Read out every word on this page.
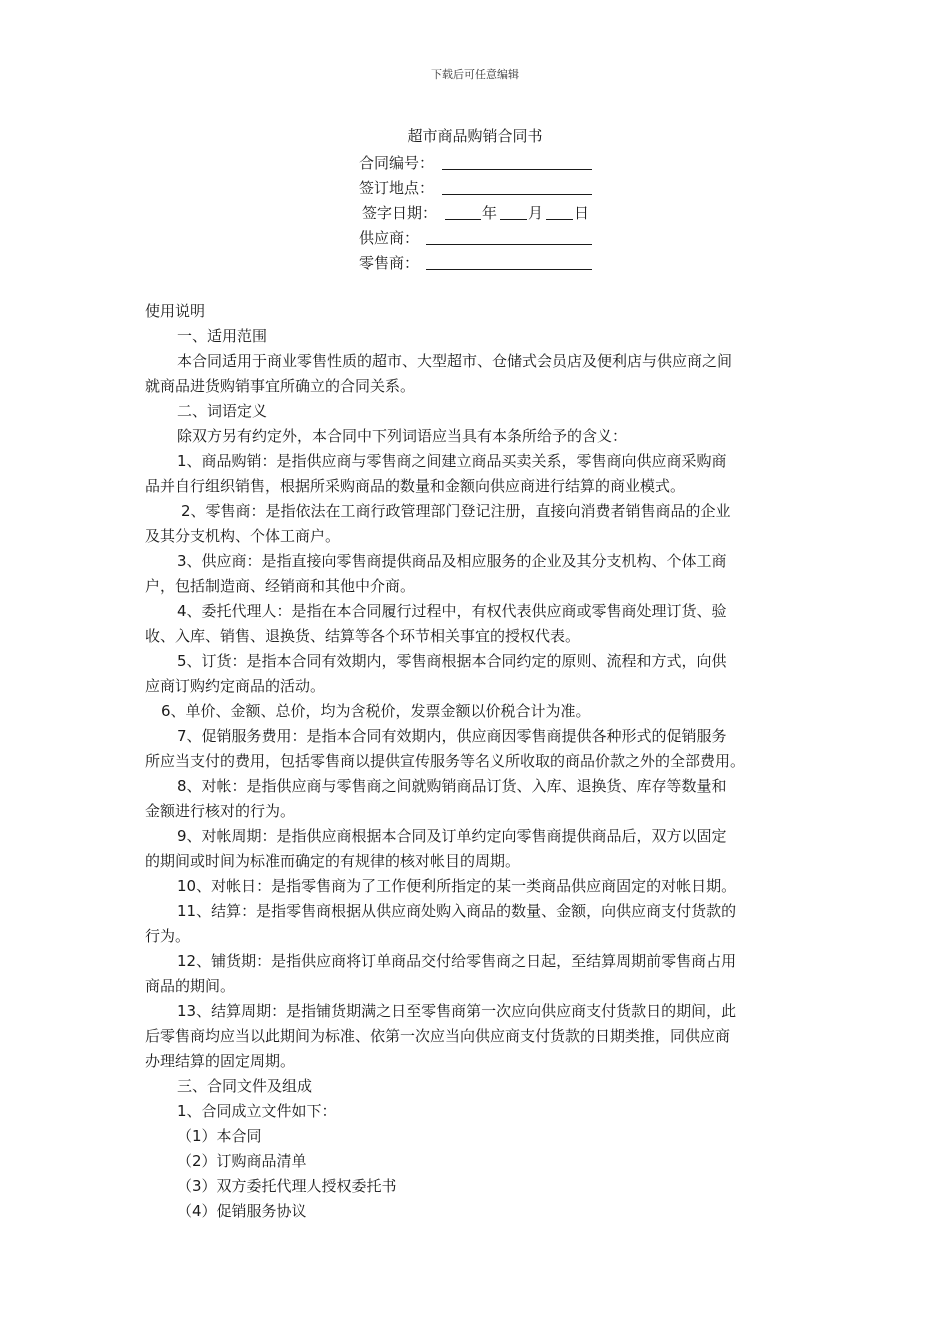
下载后可任意编辑
超市商品购销合同书
合同编号：
签订地点：
签字日期：	年 月 日
供应商：
零售商：
使用说明
一、适用范围
本合同适用于商业零售性质的超市、大型超市、仓储式会员店及便利店与供应商之间
就商品进货购销事宜所确立的合同关系。
二、词语定义
除双方另有约定外，本合同中下列词语应当具有本条所给予的含义：
1、商品购销：是指供应商与零售商之间建立商品买卖关系，零售商向供应商采购商
品并自行组织销售，根据所采购商品的数量和金额向供应商进行结算的商业模式。
2、零售商：是指依法在工商行政管理部门登记注册，直接向消费者销售商品的企业
及其分支机构、个体工商户。
3、供应商：是指直接向零售商提供商品及相应服务的企业及其分支机构、个体工商
户，包括制造商、经销商和其他中介商。
4、委托代理人：是指在本合同履行过程中，有权代表供应商或零售商处理订货、验
收、入库、销售、退换货、结算等各个环节相关事宜的授权代表。
5、订货：是指本合同有效期内，零售商根据本合同约定的原则、流程和方式，向供
应商订购约定商品的活动。
6、单价、金额、总价，均为含税价，发票金额以价税合计为准。
7、促销服务费用：是指本合同有效期内，供应商因零售商提供各种形式的促销服务
所应当支付的费用，包括零售商以提供宣传服务等名义所收取的商品价款之外的全部费用。
8、对帐：是指供应商与零售商之间就购销商品订货、入库、退换货、库存等数量和
金额进行核对的行为。
9、对帐周期：是指供应商根据本合同及订单约定向零售商提供商品后，双方以固定
的期间或时间为标准而确定的有规律的核对帐目的周期。
10、对帐日：是指零售商为了工作便利所指定的某一类商品供应商固定的对帐日期。
11、结算：是指零售商根据从供应商处购入商品的数量、金额，向供应商支付货款的
行为。
12、铺货期：是指供应商将订单商品交付给零售商之日起，至结算周期前零售商占用
商品的期间。
13、结算周期：是指铺货期满之日至零售商第一次应向供应商支付货款日的期间，此
后零售商均应当以此期间为标准、依第一次应当向供应商支付货款的日期类推，同供应商
办理结算的固定周期。
三、合同文件及组成
1、合同成立文件如下：
（1）本合同
（2）订购商品清单
（3）双方委托代理人授权委托书
（4）促销服务协议
